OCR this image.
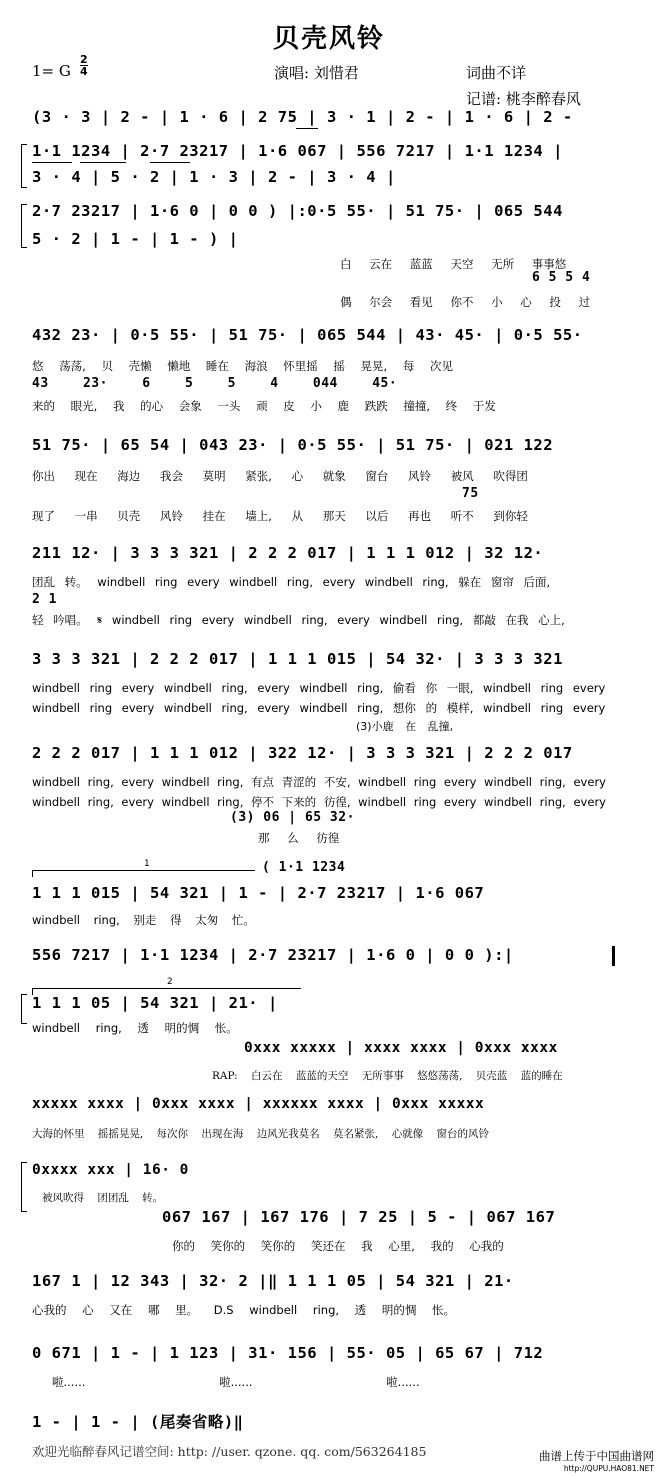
贝壳风铃
1= G
2
4	演唱: 刘惜君	词曲不详
记谱: 桃李醉春风
(3 · 3 | 2 - | 1 · 6 | 2 75 | 3 · 1 | 2 - | 1 · 6 | 2 -
1·1 1234 | 2·7 23217 | 1·6 067 | 556 7217 | 1·1 1234 |
3 · 4 | 5 · 2 | 1 · 3 | 2 - | 3 · 4 |
2·7 23217 | 1·6 0 | 0 0 ) |:0·5 55· | 51 75· | 065 544
5 · 2 | 1 - | 1 - ) |
白 云在 蓝蓝 天空 无所 事事悠
6 5 5 4
偶 尔会 看见 你不 小 心 投 过
432 23· | 0·5 55· | 51 75· | 065 544 | 43· 45· | 0·5 55·
悠 荡荡, 贝 壳懒 懒地 睡在 海浪 怀里摇 摇 晃晃, 每 次见
43 23· 6 5 5 4 044 45·
来的 眼光, 我 的心 会象 一头 顽 皮 小 鹿 跌跌 撞撞, 终 于发
51 75· | 65 54 | 043 23· | 0·5 55· | 51 75· | 021 122
你出 现在 海边 我会 莫明 紧张, 心 就象 窗台 风铃 被风 吹得团
75
现了 一串 贝壳 风铃 挂在 墙上, 从 那天 以后 再也 听不 到你轻
211 12· | 3 3 3 321 | 2 2 2 017 | 1 1 1 012 | 32 12·
团乱 转。 windbell ring every windbell ring, every windbell ring, 躲在 窗帘 后面,
2 1
轻 吟唱。 𝄋 windbell ring every windbell ring, every windbell ring, 都敲 在我 心上,
3 3 3 321 | 2 2 2 017 | 1 1 1 015 | 54 32· | 3 3 3 321
windbell ring every windbell ring, every windbell ring, 偷看 你 一眼, windbell ring every
windbell ring every windbell ring, every windbell ring, 想你 的 模样, windbell ring every
(3)小鹿 在 乱撞,
2 2 2 017 | 1 1 1 012 | 322 12· | 3 3 3 321 | 2 2 2 017
windbell ring, every windbell ring, 有点 青涩的 不安, windbell ring every windbell ring, every
windbell ring, every windbell ring, 停不 下来的 彷徨, windbell ring every windbell ring, every
(3) 06 | 65 32·
那 么 彷徨
1	( 1·1 1234
1 1 1 015 | 54 321 | 1 - | 2·7 23217 | 1·6 067
windbell ring, 别走 得 太匆 忙。
556 7217 | 1·1 1234 | 2·7 23217 | 1·6 0 | 0 0 ):|
2
1 1 1 05 | 54 321 | 21· |
windbell ring, 透 明的惆 怅。
0xxx xxxxx | xxxx xxxx | 0xxx xxxx
RAP: 白云在 蓝蓝的天空 无所事事 悠悠荡荡, 贝壳蓝 蓝的睡在
xxxxx xxxx | 0xxx xxxx | xxxxxx xxxx | 0xxx xxxxx
大海的怀里 摇摇晃晃, 每次你 出现在海 边风光我莫名 莫名紧张, 心就像 窗台的风铃
0xxxx xxx | 16· 0
被风吹得 团团乱 转。
067 167 | 167 176 | 7 25 | 5 - | 067 167
你的 笑你的 笑你的 笑还在 我 心里, 我的 心我的
167 1 | 12 343 | 32· 2 |‖ 1 1 1 05 | 54 321 | 21·
心我的 心 又在 哪 里。 D.S windbell ring, 透 明的惆 怅。
0 671 | 1 - | 1 123 | 31· 156 | 55· 05 | 65 67 | 712
啦...... 啦...... 啦......
1 - | 1 - | (尾奏省略)‖
欢迎光临醉春风记谱空间: http: //user. qzone. qq. com/563264185	曲谱上传于中国曲谱网
http://QUPU.HAO81.NET
